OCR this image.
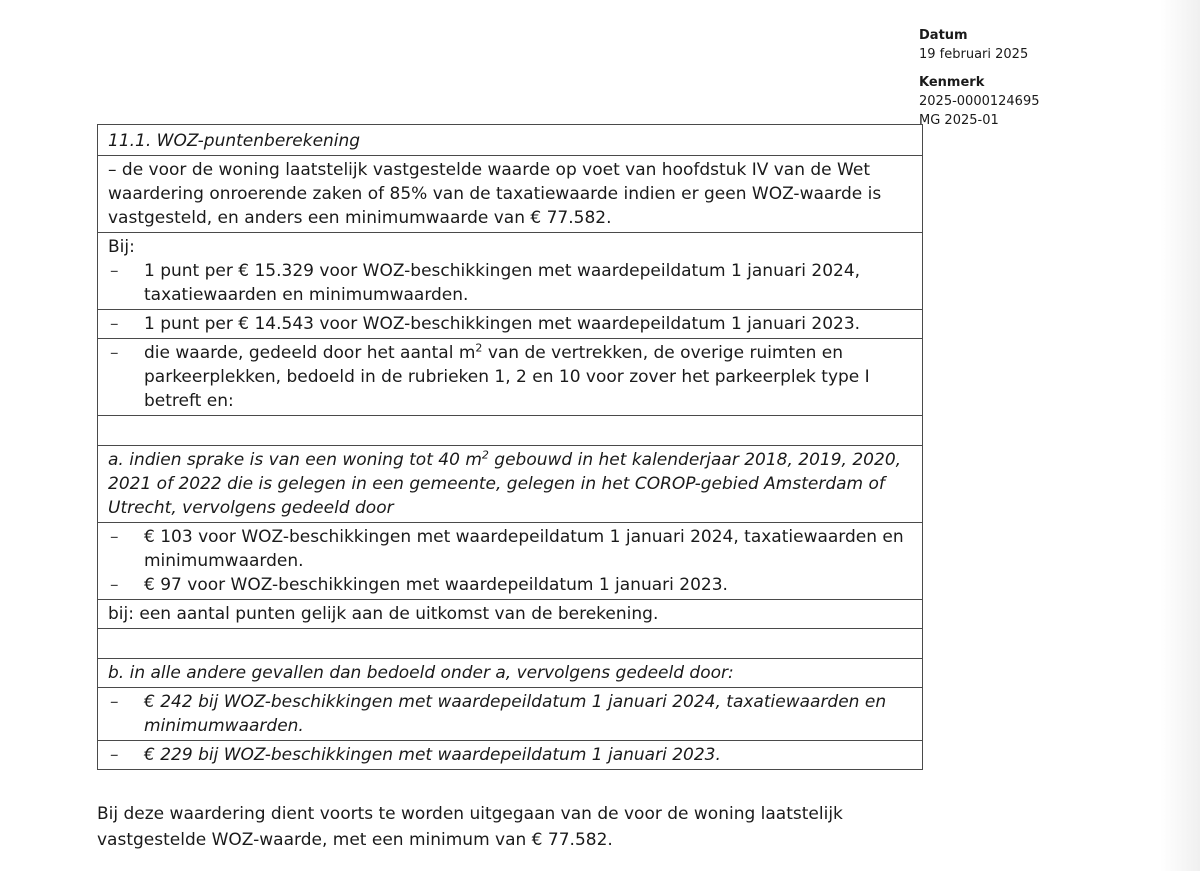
Datum
19 februari 2025
Kenmerk
2025-0000124695
MG 2025-01
11.1. WOZ-puntenberekening
– de voor de woning laatstelijk vastgestelde waarde op voet van hoofdstuk IV van de Wet waardering onroerende zaken of 85% van de taxatiewaarde indien er geen WOZ-waarde is vastgesteld, en anders een minimumwaarde van € 77.582.
Bij:
–	1 punt per € 15.329 voor WOZ-beschikkingen met waardepeildatum 1 januari 2024, taxatiewaarden en minimumwaarden.
–	1 punt per € 14.543 voor WOZ-beschikkingen met waardepeildatum 1 januari 2023.
–	die waarde, gedeeld door het aantal $m^2$ van de vertrekken, de overige ruimten en parkeerplekken, bedoeld in de rubrieken 1, 2 en 10 voor zover het parkeerplek type I betreft en:
a. indien sprake is van een woning tot 40 $m^2$ gebouwd in het kalenderjaar 2018, 2019, 2020, 2021 of 2022 die is gelegen in een gemeente, gelegen in het COROP-gebied Amsterdam of Utrecht, vervolgens gedeeld door
–	€ 103 voor WOZ-beschikkingen met waardepeildatum 1 januari 2024, taxatiewaarden en minimumwaarden.
–	€ 97 voor WOZ-beschikkingen met waardepeildatum 1 januari 2023.
bij: een aantal punten gelijk aan de uitkomst van de berekening.
b. in alle andere gevallen dan bedoeld onder a, vervolgens gedeeld door:
–	€ 242 bij WOZ-beschikkingen met waardepeildatum 1 januari 2024, taxatiewaarden en minimumwaarden.
–	€ 229 bij WOZ-beschikkingen met waardepeildatum 1 januari 2023.
Bij deze waardering dient voorts te worden uitgegaan van de voor de woning laatstelijk vastgestelde WOZ-waarde, met een minimum van € 77.582.
